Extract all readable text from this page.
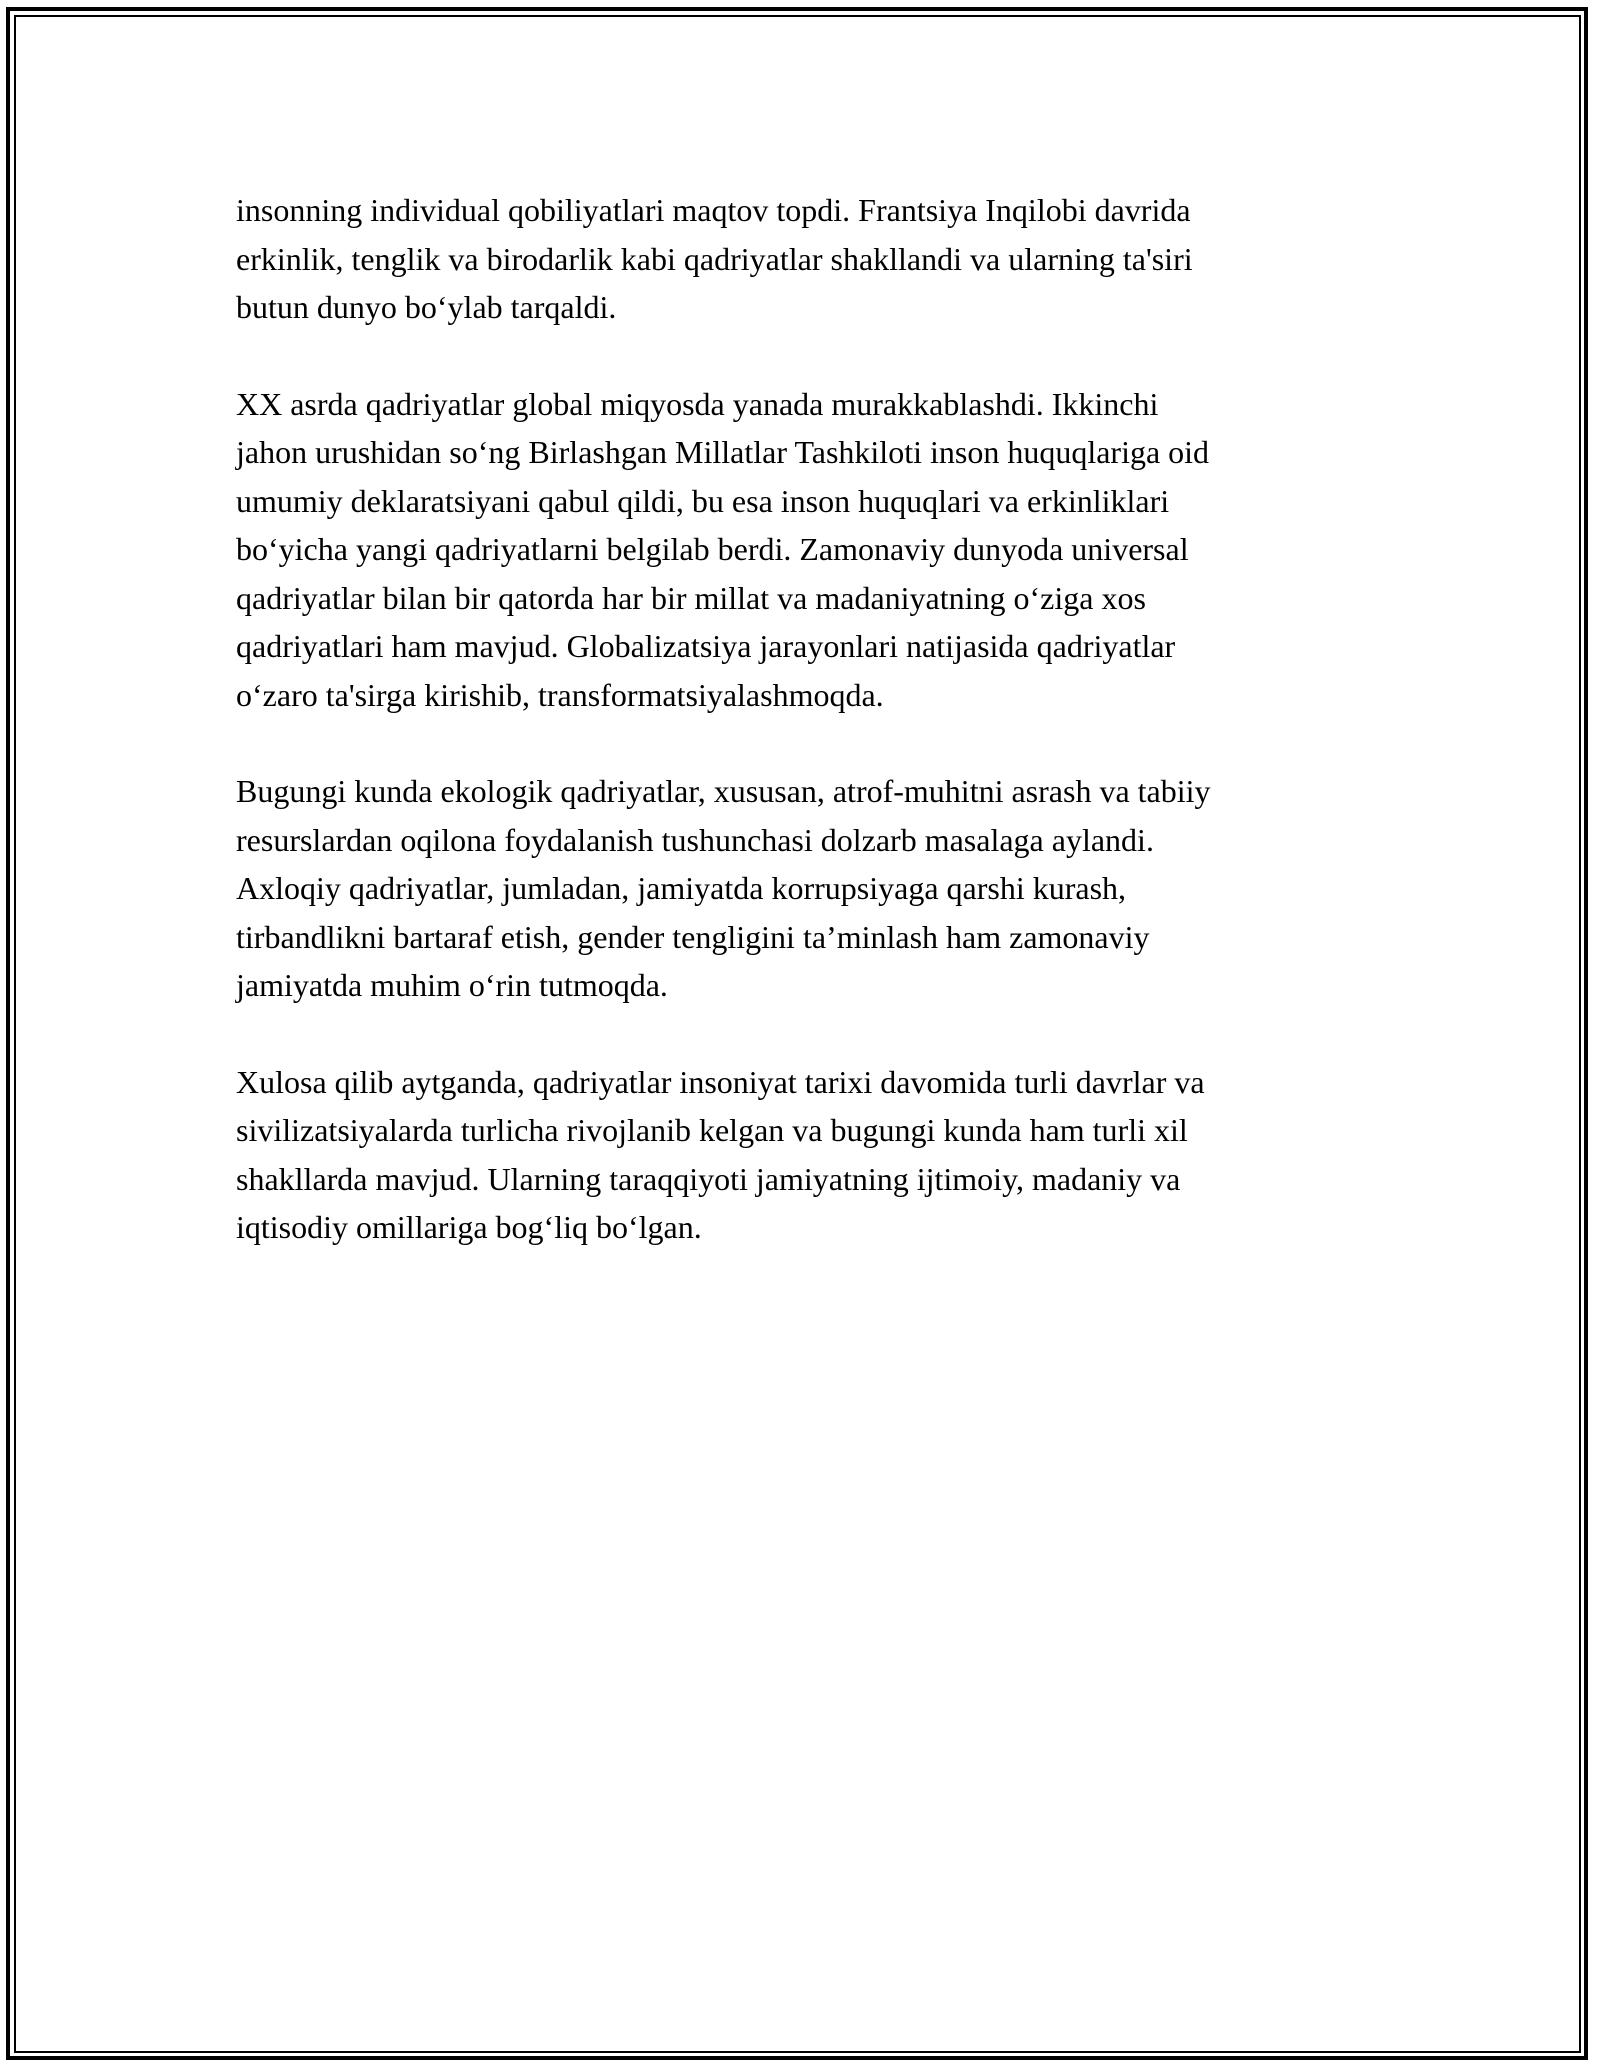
insonning individual qobiliyatlari maqtov topdi. Frantsiya Inqilobi davrida
erkinlik, tenglik va birodarlik kabi qadriyatlar shakllandi va ularning ta'siri
butun dunyo bo‘ylab tarqaldi.

XX asrda qadriyatlar global miqyosda yanada murakkablashdi. Ikkinchi
jahon urushidan so‘ng Birlashgan Millatlar Tashkiloti inson huquqlariga oid
umumiy deklaratsiyani qabul qildi, bu esa inson huquqlari va erkinliklari
bo‘yicha yangi qadriyatlarni belgilab berdi. Zamonaviy dunyoda universal
qadriyatlar bilan bir qatorda har bir millat va madaniyatning o‘ziga xos
qadriyatlari ham mavjud. Globalizatsiya jarayonlari natijasida qadriyatlar
o‘zaro ta'sirga kirishib, transformatsiyalashmoqda.

Bugungi kunda ekologik qadriyatlar, xususan, atrof-muhitni asrash va tabiiy
resurslardan oqilona foydalanish tushunchasi dolzarb masalaga aylandi.
Axloqiy qadriyatlar, jumladan, jamiyatda korrupsiyaga qarshi kurash,
tirbandlikni bartaraf etish, gender tengligini ta’minlash ham zamonaviy
jamiyatda muhim o‘rin tutmoqda.

Xulosa qilib aytganda, qadriyatlar insoniyat tarixi davomida turli davrlar va
sivilizatsiyalarda turlicha rivojlanib kelgan va bugungi kunda ham turli xil
shakllarda mavjud. Ularning taraqqiyoti jamiyatning ijtimoiy, madaniy va
iqtisodiy omillariga bog‘liq bo‘lgan.
